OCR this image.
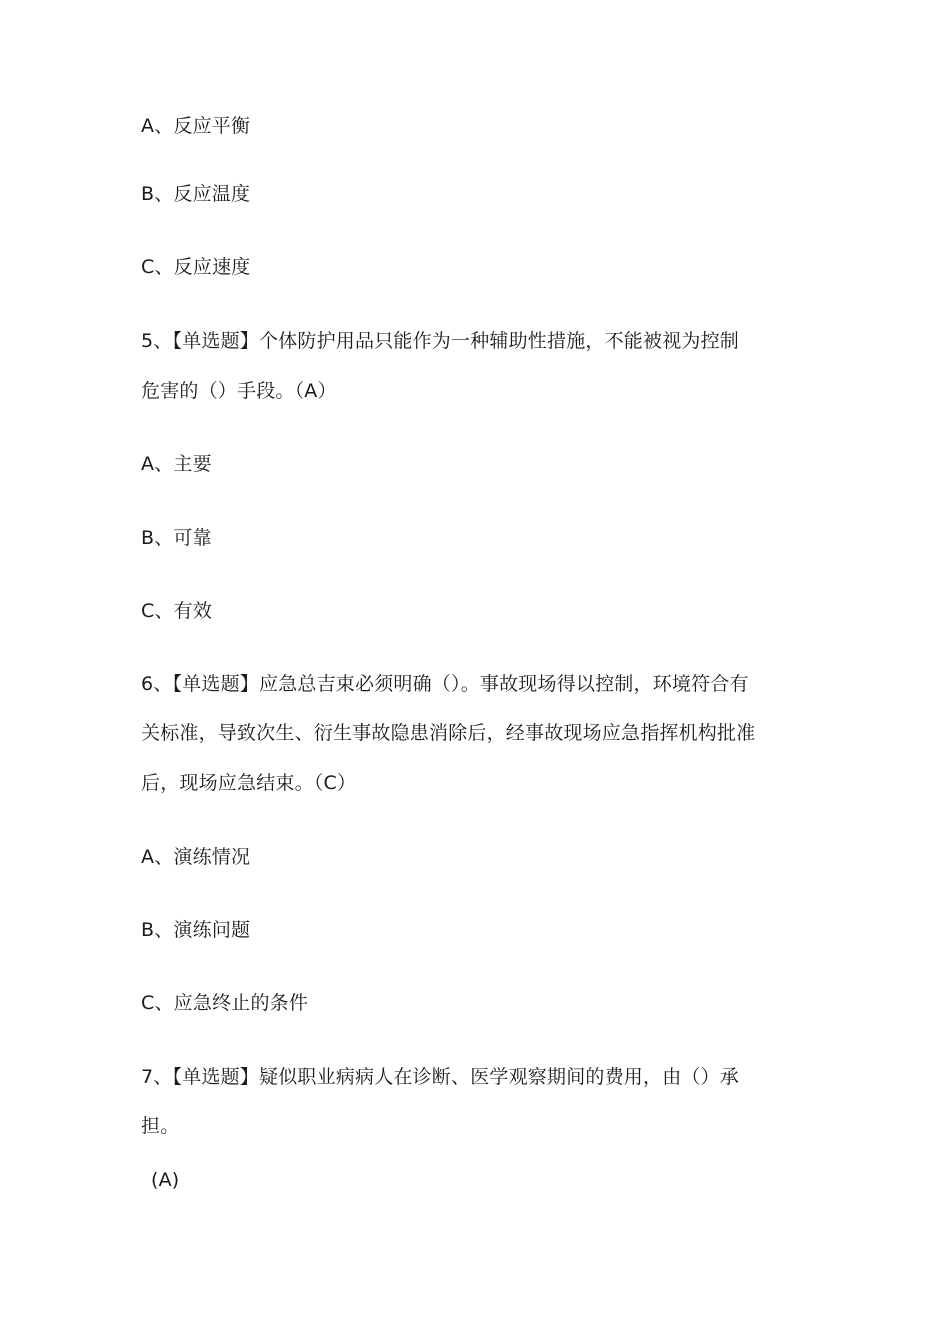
A、反应平衡
B、反应温度
C、反应速度
5、【单选题】个体防护用品只能作为一种辅助性措施，不能被视为控制
危害的（）手段。（A）
A、主要
B、可靠
C、有效
6、【单选题】应急总吉束必须明确（）。事故现场得以控制，环境符合有
关标准，导致次生、衍生事故隐患消除后，经事故现场应急指挥机构批准
后，现场应急结束。（C）
A、演练情况
B、演练问题
C、应急终止的条件
7、【单选题】疑似职业病病人在诊断、医学观察期间的费用，由（）承
担。
(A)
